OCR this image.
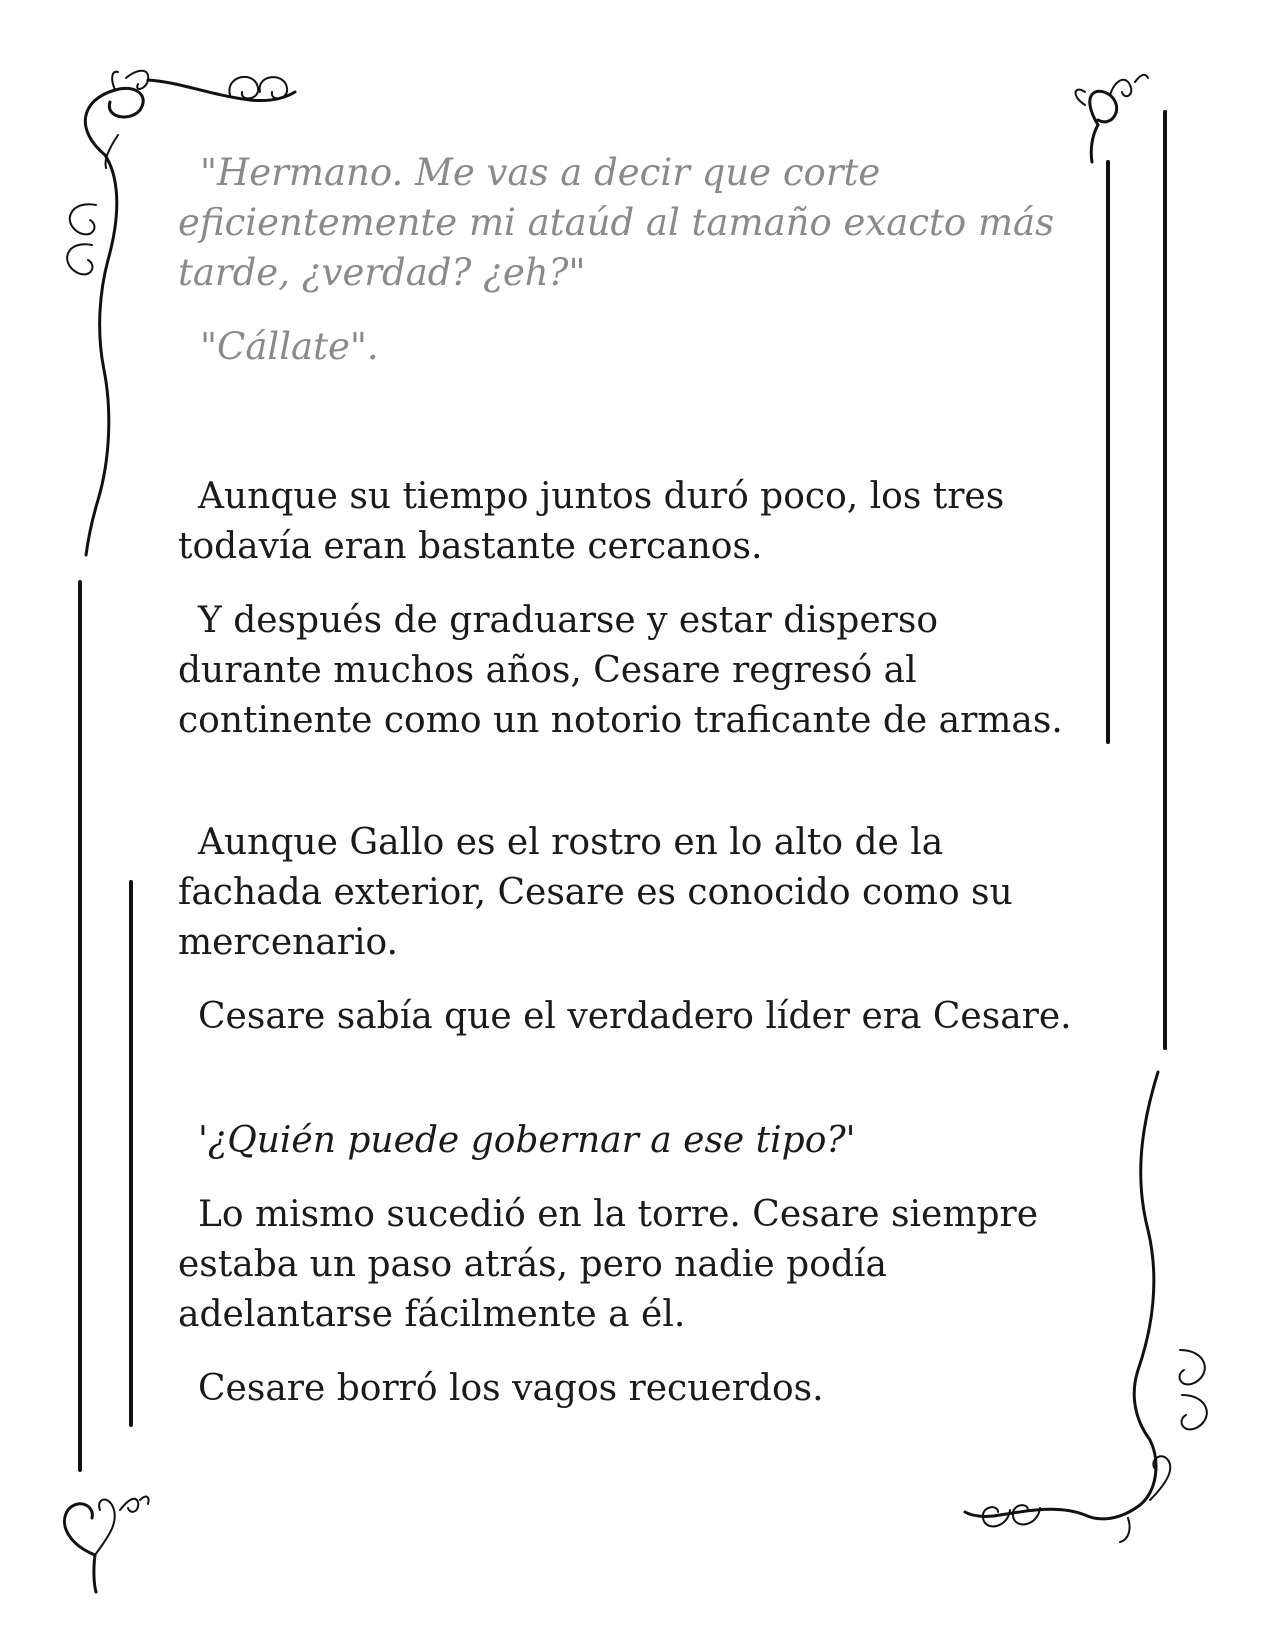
"Hermano. Me vas a decir que corte eficientemente mi ataúd al tamaño exacto más tarde, ¿verdad? ¿eh?"

"Cállate".

Aunque su tiempo juntos duró poco, los tres todavía eran bastante cercanos.

Y después de graduarse y estar disperso durante muchos años, Cesare regresó al continente como un notorio traficante de armas.

Aunque Gallo es el rostro en lo alto de la fachada exterior, Cesare es conocido como su mercenario.

Cesare sabía que el verdadero líder era Cesare.

'¿Quién puede gobernar a ese tipo?'

Lo mismo sucedió en la torre. Cesare siempre estaba un paso atrás, pero nadie podía adelantarse fácilmente a él.

Cesare borró los vagos recuerdos.
